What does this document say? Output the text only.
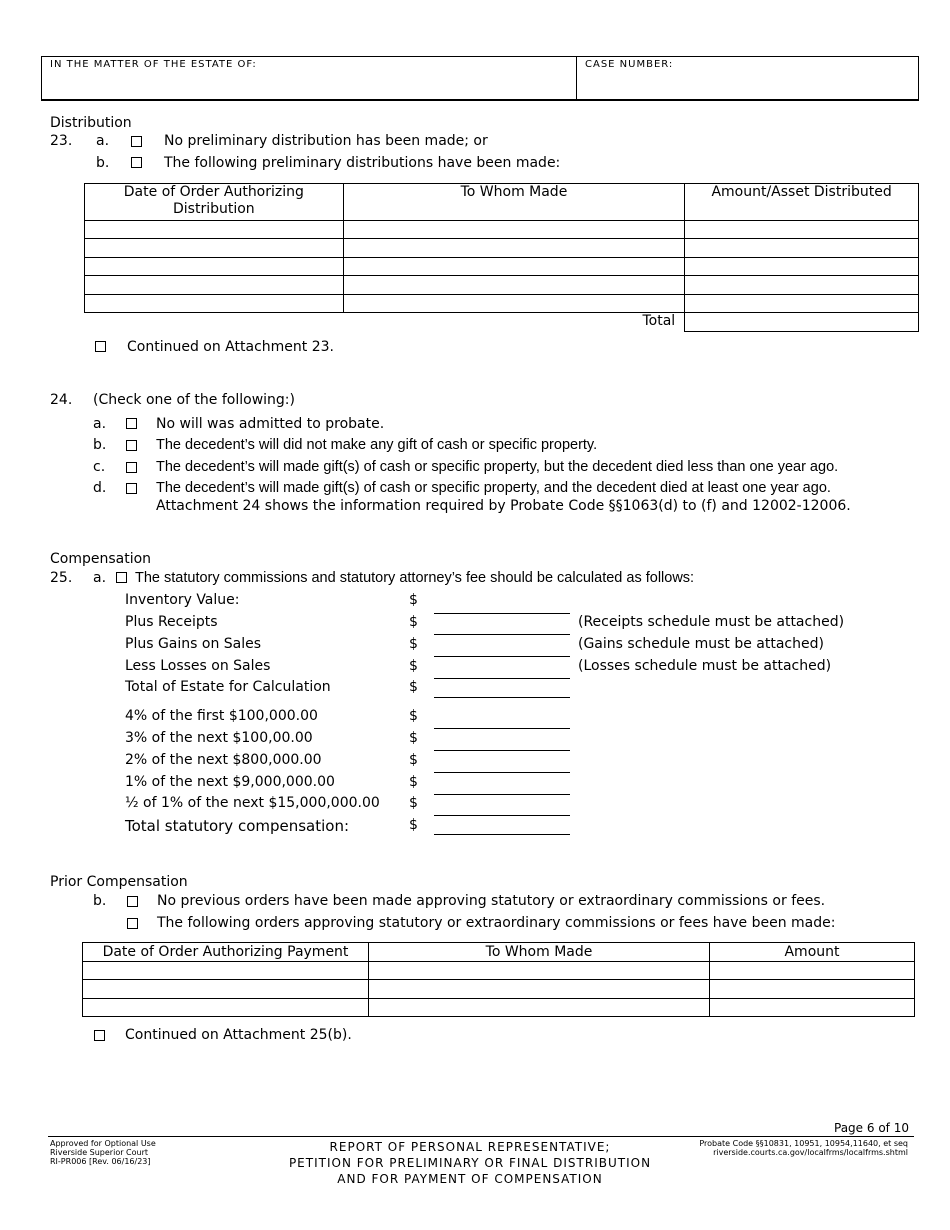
IN THE MATTER OF THE ESTATE OF:	CASE NUMBER:
Distribution
23. a.	No preliminary distribution has been made; or
b.	The following preliminary distributions have been made:
Date of Order Authorizing Distribution	To Whom Made	Amount/Asset Distributed

	Total	
Continued on Attachment 23.
24. (Check one of the following:)
a.	No will was admitted to probate.
b.	The decedent’s will did not make any gift of cash or specific property.
c.	The decedent’s will made gift(s) of cash or specific property, but the decedent died less than one year ago.
d.	The decedent’s will made gift(s) of cash or specific property, and the decedent died at least one year ago.
Attachment 24 shows the information required by Probate Code §§1063(d) to (f) and 12002-12006.
Compensation
25. a. The statutory commissions and statutory attorney’s fee should be calculated as follows:
Inventory Value:	$
Plus Receipts	$	(Receipts schedule must be attached)
Plus Gains on Sales	$	(Gains schedule must be attached)
Less Losses on Sales	$	(Losses schedule must be attached)
Total of Estate for Calculation	$
4% of the first $100,000.00	$
3% of the next $100,00.00	$
2% of the next $800,000.00	$
1% of the next $9,000,000.00	$
½ of 1% of the next $15,000,000.00 $
Total statutory compensation:	$
Prior Compensation
b.	No previous orders have been made approving statutory or extraordinary commissions or fees.
The following orders approving statutory or extraordinary commissions or fees have been made:
Date of Order Authorizing Payment	To Whom Made	Amount

Continued on Attachment 25(b).
Page 6 of 10
Approved for Optional Use
Riverside Superior Court
RI-PR006 [Rev. 06/16/23]
REPORT OF PERSONAL REPRESENTATIVE;
PETITION FOR PRELIMINARY OR FINAL DISTRIBUTION
AND FOR PAYMENT OF COMPENSATION
Probate Code §§10831, 10951, 10954,11640, et seq
riverside.courts.ca.gov/localfrms/localfrms.shtml
